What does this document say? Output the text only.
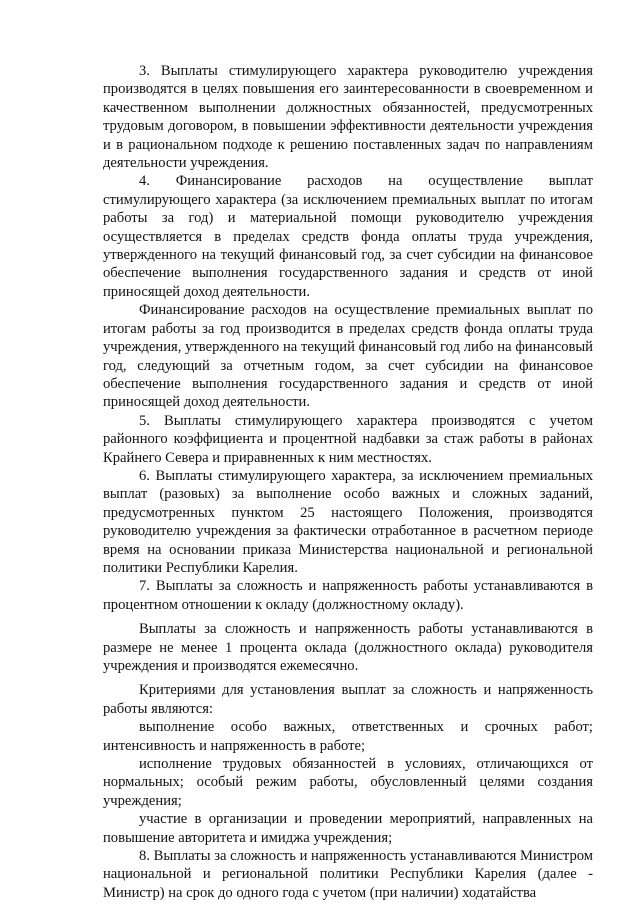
3. Выплаты стимулирующего характера руководителю учреждения производятся в целях повышения его заинтересованности в своевременном и качественном выполнении должностных обязанностей, предусмотренных трудовым договором, в повышении эффективности деятельности учреждения и в рациональном подходе к решению поставленных задач по направлениям деятельности учреждения.

4. Финансирование расходов на осуществление выплат стимулирующего характера (за исключением премиальных выплат по итогам работы за год) и материальной помощи руководителю учреждения осуществляется в пределах средств фонда оплаты труда учреждения, утвержденного на текущий финансовый год, за счет субсидии на финансовое обеспечение выполнения государственного задания и средств от иной приносящей доход деятельности.

Финансирование расходов на осуществление премиальных выплат по итогам работы за год производится в пределах средств фонда оплаты труда учреждения, утвержденного на текущий финансовый год либо на финансовый год, следующий за отчетным годом, за счет субсидии на финансовое обеспечение выполнения государственного задания и средств от иной приносящей доход деятельности.

5. Выплаты стимулирующего характера производятся с учетом районного коэффициента и процентной надбавки за стаж работы в районах Крайнего Севера и приравненных к ним местностях.

6. Выплаты стимулирующего характера, за исключением премиальных выплат (разовых) за выполнение особо важных и сложных заданий, предусмотренных пунктом 25 настоящего Положения, производятся руководителю учреждения за фактически отработанное в расчетном периоде время на основании приказа Министерства национальной и региональной политики Республики Карелия.

7. Выплаты за сложность и напряженность работы устанавливаются в процентном отношении к окладу (должностному окладу).

Выплаты за сложность и напряженность работы устанавливаются в размере не менее 1 процента оклада (должностного оклада) руководителя учреждения и производятся ежемесячно.

Критериями для установления выплат за сложность и напряженность работы являются:

выполнение особо важных, ответственных и срочных работ; интенсивность и напряженность в работе;

исполнение трудовых обязанностей в условиях, отличающихся от нормальных; особый режим работы, обусловленный целями создания учреждения;

участие в организации и проведении мероприятий, направленных на повышение авторитета и имиджа учреждения;

8. Выплаты за сложность и напряженность устанавливаются Министром национальной и региональной политики Республики Карелия (далее - Министр) на срок до одного года с учетом (при наличии) ходатайства
